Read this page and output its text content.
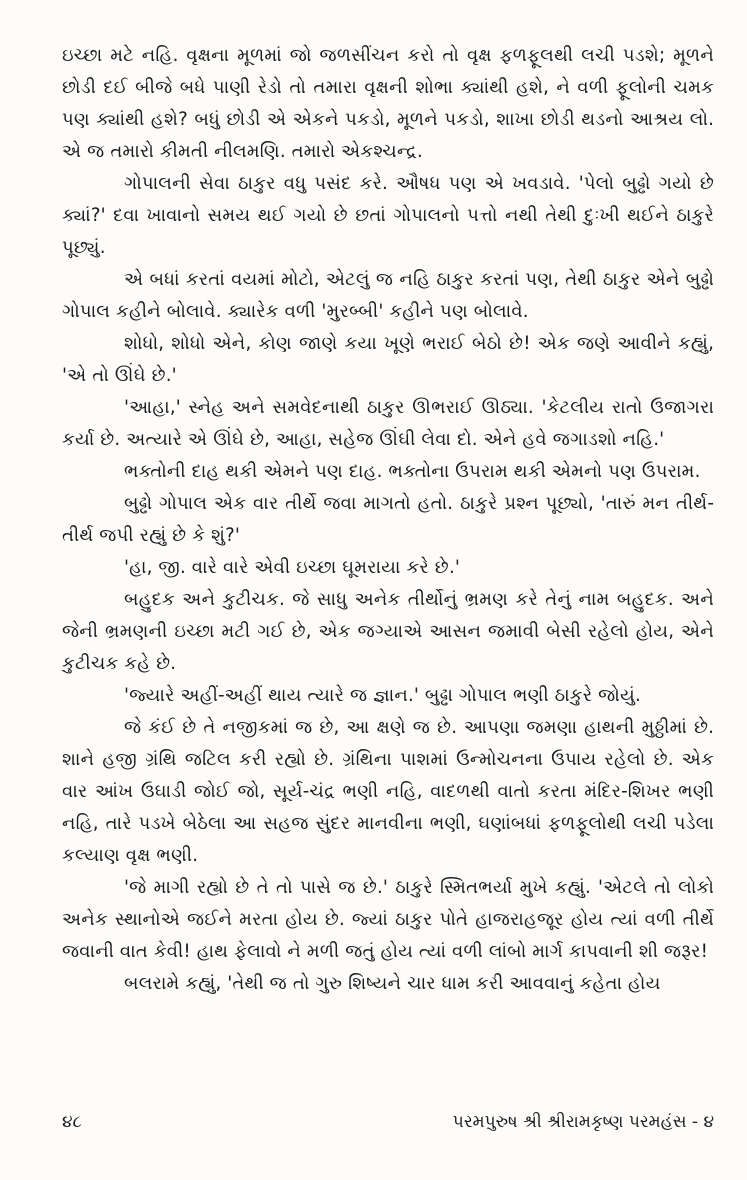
ઇચ્છા મટે નહિ. વૃક્ષના મૂળમાં જો જળસીંચન કરો તો વૃક્ષ ફળફૂલથી લચી પડશે; મૂળને છોડી દઈ બીજે બધે પાણી રેડો તો તમારા વૃક્ષની શોભા ક્યાંથી હશે, ને વળી ફૂલોની ચમક પણ ક્યાંથી હશે? બધું છોડી એ એકને પકડો, મૂળને પકડો, શાખા છોડી થડનો આશ્રય લો. એ જ તમારો કીમતી નીલમણિ. તમારો એકશ્ચન્દ્ર.

ગોપાલની સેવા ઠાકુર વધુ પસંદ કરે. ઔષધ પણ એ ખવડાવે. 'પેલો બુઢ્ઢો ગયો છે ક્યાં?' દવા ખાવાનો સમય થઈ ગયો છે છતાં ગોપાલનો પત્તો નથી તેથી દુઃખી થઈને ઠાકુરે પૂછ્યું.

એ બધાં કરતાં વયમાં મોટો, એટલું જ નહિ ઠાકુર કરતાં પણ, તેથી ઠાકુર એને બુઢ્ઢો ગોપાલ કહીને બોલાવે. ક્યારેક વળી 'મુરબ્બી' કહીને પણ બોલાવે.

શોધો, શોધો એને, કોણ જાણે કયા ખૂણે ભરાઈ બેઠો છે! એક જણે આવીને કહ્યું, 'એ તો ઊંઘે છે.'

'આહા,' સ્નેહ અને સમવેદનાથી ઠાકુર ઊભરાઈ ઊઠ્યા. 'કેટલીય રાતો ઉજાગરા કર્યા છે. અત્યારે એ ઊંઘે છે, આહા, સહેજ ઊંઘી લેવા દો. એને હવે જગાડશો નહિ.'

ભક્તોની દાહ થકી એમને પણ દાહ. ભક્તોના ઉપરામ થકી એમનો પણ ઉપરામ.

બુઢ્ઢો ગોપાલ એક વાર તીર્થે જવા માગતો હતો. ઠાકુરે પ્રશ્ન પૂછ્યો, 'તારું મન તીર્થ-તીર્થ જપી રહ્યું છે કે શું?'

'હા, જી. વારે વારે એવી ઇચ્છા ઘૂમરાયા કરે છે.'

બહુદક અને કુટીચક. જે સાધુ અનેક તીર્થોનું ભ્રમણ કરે તેનું નામ બહુદક. અને જેની ભ્રમણની ઇચ્છા મટી ગઈ છે, એક જગ્યાએ આસન જમાવી બેસી રહેલો હોય, એને કુટીચક કહે છે.

'જ્યારે અહીં-અહીં થાય ત્યારે જ જ્ઞાન.' બુઢ્ઢા ગોપાલ ભણી ઠાકુરે જોયું.

જે કંઈ છે તે નજીકમાં જ છે, આ ક્ષણે જ છે. આપણા જમણા હાથની મુઠ્ઠીમાં છે. શાને હજી ગ્રંથિ જટિલ કરી રહ્યો છે. ગ્રંથિના પાશમાં ઉન્મોચનના ઉપાય રહેલો છે. એક વાર આંખ ઉઘાડી જોઈ જો, સૂર્ય-ચંદ્ર ભણી નહિ, વાદળથી વાતો કરતા મંદિર-શિખર ભણી નહિ, તારે પડખે બેઠેલા આ સહજ સુંદર માનવીના ભણી, ઘણાંબધાં ફળફૂલોથી લચી પડેલા કલ્યાણ વૃક્ષ ભણી.

'જે માગી રહ્યો છે તે તો પાસે જ છે.' ઠાકુરે સ્મિતભર્યા મુખે કહ્યું. 'એટલે તો લોકો અનેક સ્થાનોએ જઈને મરતા હોય છે. જ્યાં ઠાકુર પોતે હાજરાહજૂર હોય ત્યાં વળી તીર્થે જવાની વાત કેવી! હાથ ફેલાવો ને મળી જતું હોય ત્યાં વળી લાંબો માર્ગ કાપવાની શી જરૂર!

બલરામે કહ્યું, 'તેથી જ તો ગુરુ શિષ્યને ચાર ધામ કરી આવવાનું કહેતા હોય

૪૮	પરમપુરુષ શ્રી શ્રીરામકૃષ્ણ પરમહંસ - ૪
